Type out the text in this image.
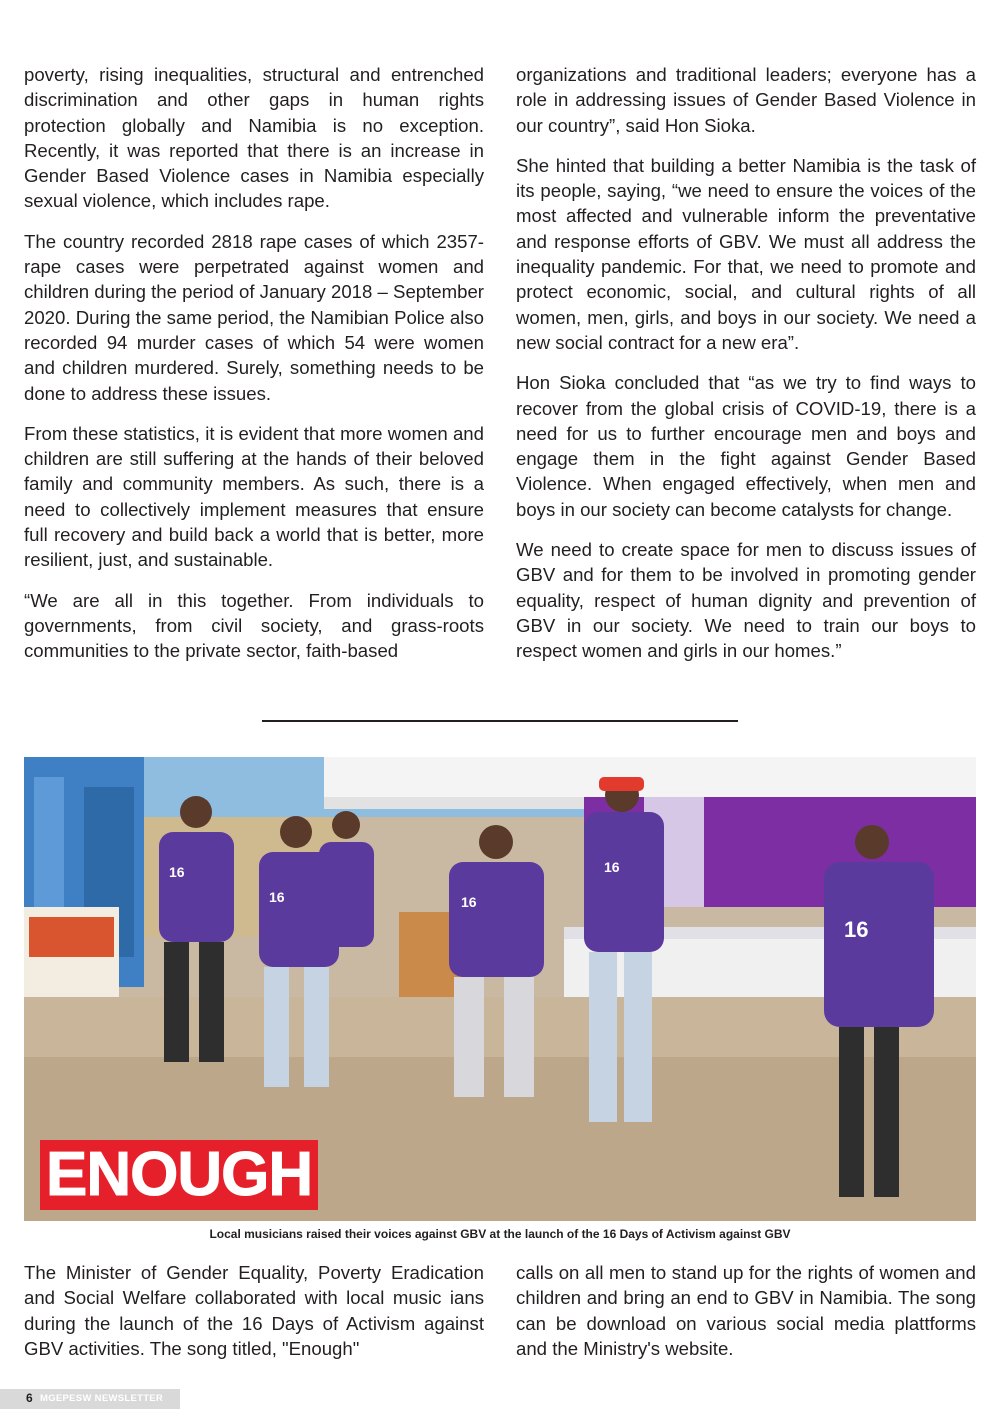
poverty, rising inequalities, structural and entrenched discrimination and other gaps in human rights protection globally and Namibia is no exception. Recently, it was reported that there is an increase in Gender Based Violence cases in Namibia especially sexual violence, which includes rape.

The country recorded 2818 rape cases of which 2357-rape cases were perpetrated against women and children during the period of January 2018 – September 2020. During the same period, the Namibian Police also recorded 94 murder cases of which 54 were women and children murdered. Surely, something needs to be done to address these issues.

From these statistics, it is evident that more women and children are still suffering at the hands of their beloved family and community members. As such, there is a need to collectively implement measures that ensure full recovery and build back a world that is better, more resilient, just, and sustainable.

“We are all in this together. From individuals to governments, from civil society, and grass-roots communities to the private sector, faith-based

organizations and traditional leaders; everyone has a role in addressing issues of Gender Based Violence in our country”, said Hon Sioka.

She hinted that building a better Namibia is the task of its people, saying, “we need to ensure the voices of the most affected and vulnerable inform the preventative and response efforts of GBV. We must all address the inequality pandemic. For that, we need to promote and protect economic, social, and cultural rights of all women, men, girls, and boys in our society. We need a new social contract for a new era”.

Hon Sioka concluded that “as we try to find ways to recover from the global crisis of COVID-19, there is a need for us to further encourage men and boys and engage them in the fight against Gender Based Violence. When engaged effectively, when men and boys in our society can become catalysts for change.

We need to create space for men to discuss issues of GBV and for them to be involved in promoting gender equality, respect of human dignity and prevention of GBV in our society. We need to train our boys to respect women and girls in our homes.”

16
16	16
16
16
ENOUGH
Local musicians raised their voices against GBV at the launch of the 16 Days of Activism against GBV

The Minister of Gender Equality, Poverty Eradication and Social Welfare collaborated with local music ians during the launch of the 16 Days of Activism against GBV activities. The song titled, "Enough"

calls on all men to stand up for the rights of women and children and bring an end to GBV in Namibia. The song can be download on various social media plattforms and the Ministry's website.

6 MGEPESW NEWSLETTER
